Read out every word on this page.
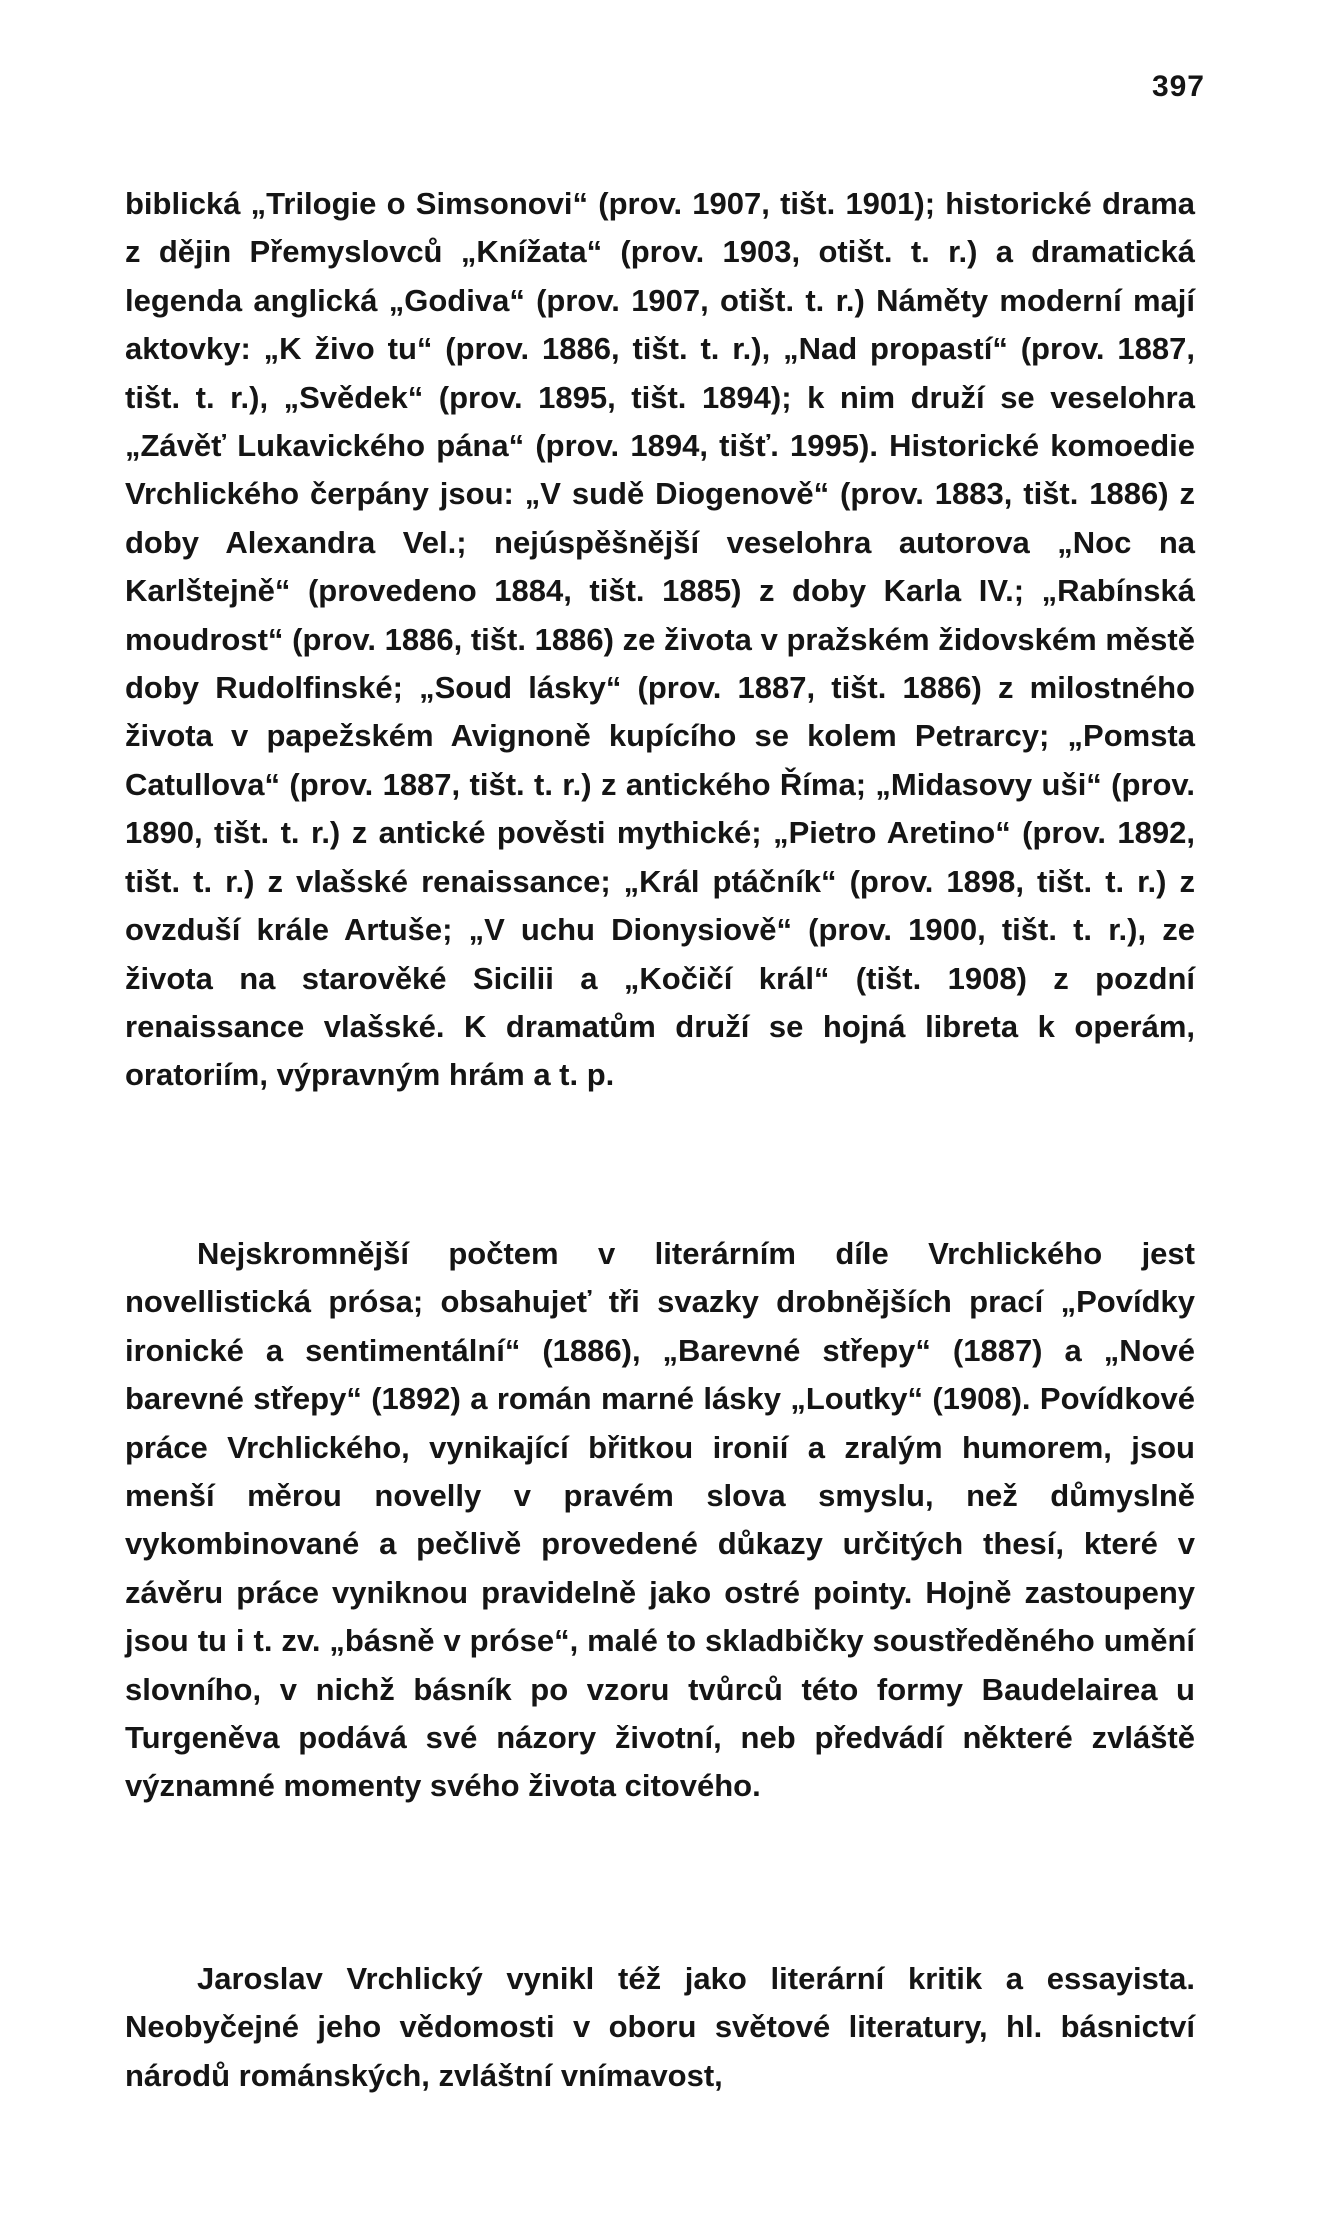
397

biblická „Trilogie o Simsonovi“ (prov. 1907, tišt. 1901); historické drama z dějin Přemyslovců „Knížata“ (prov. 1903, otišt. t. r.) a dramatická legenda anglická „Godiva“ (prov. 1907, otišt. t. r.) Náměty moderní mají aktovky: „K živo tu“ (prov. 1886, tišt. t. r.), „Nad propastí“ (prov. 1887, tišt. t. r.), „Svědek“ (prov. 1895, tišt. 1894); k nim druží se veselohra „Závěť Lukavického pána“ (prov. 1894, tišť. 1995). Historické komoedie Vrchlického čerpány jsou: „V sudě Diogenově“ (prov. 1883, tišt. 1886) z doby Alexandra Vel.; nejúspěšnější veselohra autorova „Noc na Karlštejně“ (provedeno 1884, tišt. 1885) z doby Karla IV.; „Rabínská moudrost“ (prov. 1886, tišt. 1886) ze života v pražském židovském městě doby Rudolfinské; „Soud lásky“ (prov. 1887, tišt. 1886) z milostného života v papežském Avignoně kupícího se kolem Petrarcy; „Pomsta Catullova“ (prov. 1887, tišt. t. r.) z antického Říma; „Midasovy uši“ (prov. 1890, tišt. t. r.) z antické pověsti mythické; „Pietro Aretino“ (prov. 1892, tišt. t. r.) z vlašské renaissance; „Král ptáčník“ (prov. 1898, tišt. t. r.) z ovzduší krále Artuše; „V uchu Dionysiově“ (prov. 1900, tišt. t. r.), ze života na starověké Sicilii a „Kočičí král“ (tišt. 1908) z pozdní renaissance vlašské. K dramatům druží se hojná libreta k operám, oratoriím, výpravným hrám a t. p.

Nejskromnější počtem v literárním díle Vrchlického jest novellistická prósa; obsahujeť tři svazky drobnějších prací „Povídky ironické a sentimentální“ (1886), „Barevné střepy“ (1887) a „Nové barevné střepy“ (1892) a román marné lásky „Loutky“ (1908). Povídkové práce Vrchlického, vynikající břitkou ironií a zralým humorem, jsou menší měrou novelly v pravém slova smyslu, než důmyslně vykombinované a pečlivě provedené důkazy určitých thesí, které v závěru práce vyniknou pravidelně jako ostré pointy. Hojně zastoupeny jsou tu i t. zv. „básně v próse“, malé to skladbičky soustředěného umění slovního, v nichž básník po vzoru tvůrců této formy Baudelairea u Turgeněva podává své názory životní, neb předvádí některé zvláště významné momenty svého života citového.

Jaroslav Vrchlický vynikl též jako literární kritik a essayista. Neobyčejné jeho vědomosti v oboru světové literatury, hl. básnictví národů románských, zvláštní vnímavost,
